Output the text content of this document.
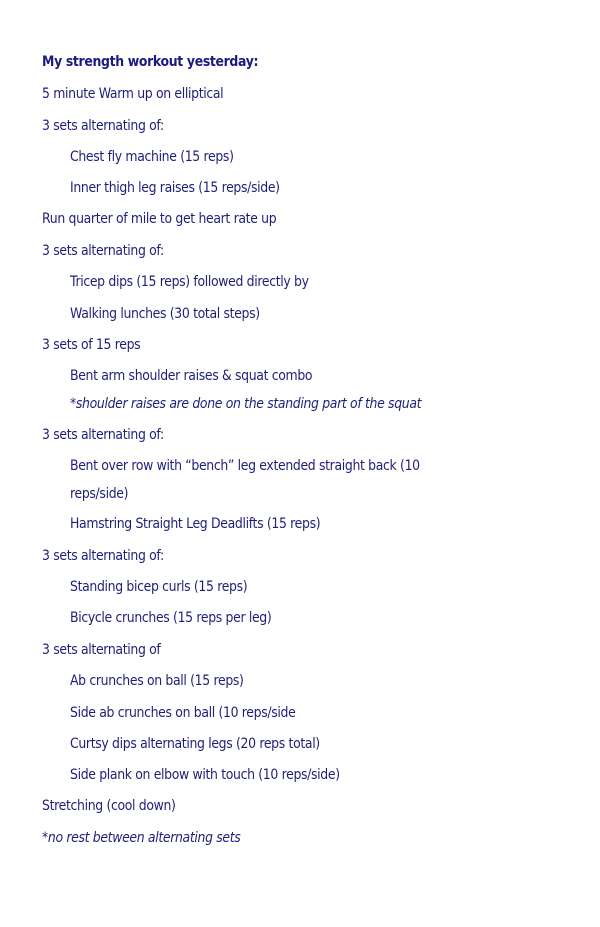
My strength workout yesterday:
5 minute Warm up on elliptical
3 sets alternating of:
Chest fly machine (15 reps)
Inner thigh leg raises (15 reps/side)
Run quarter of mile to get heart rate up
3 sets alternating of:
Tricep dips (15 reps) followed directly by
Walking lunches (30 total steps)
3 sets of 15 reps
Bent arm shoulder raises & squat combo
*shoulder raises are done on the standing part of the squat
3 sets alternating of:
Bent over row with “bench” leg extended straight back (10
reps/side)
Hamstring Straight Leg Deadlifts (15 reps)
3 sets alternating of:
Standing bicep curls (15 reps)
Bicycle crunches (15 reps per leg)
3 sets alternating of
Ab crunches on ball (15 reps)
Side ab crunches on ball (10 reps/side
Curtsy dips alternating legs (20 reps total)
Side plank on elbow with touch (10 reps/side)
Stretching (cool down)
*no rest between alternating sets
